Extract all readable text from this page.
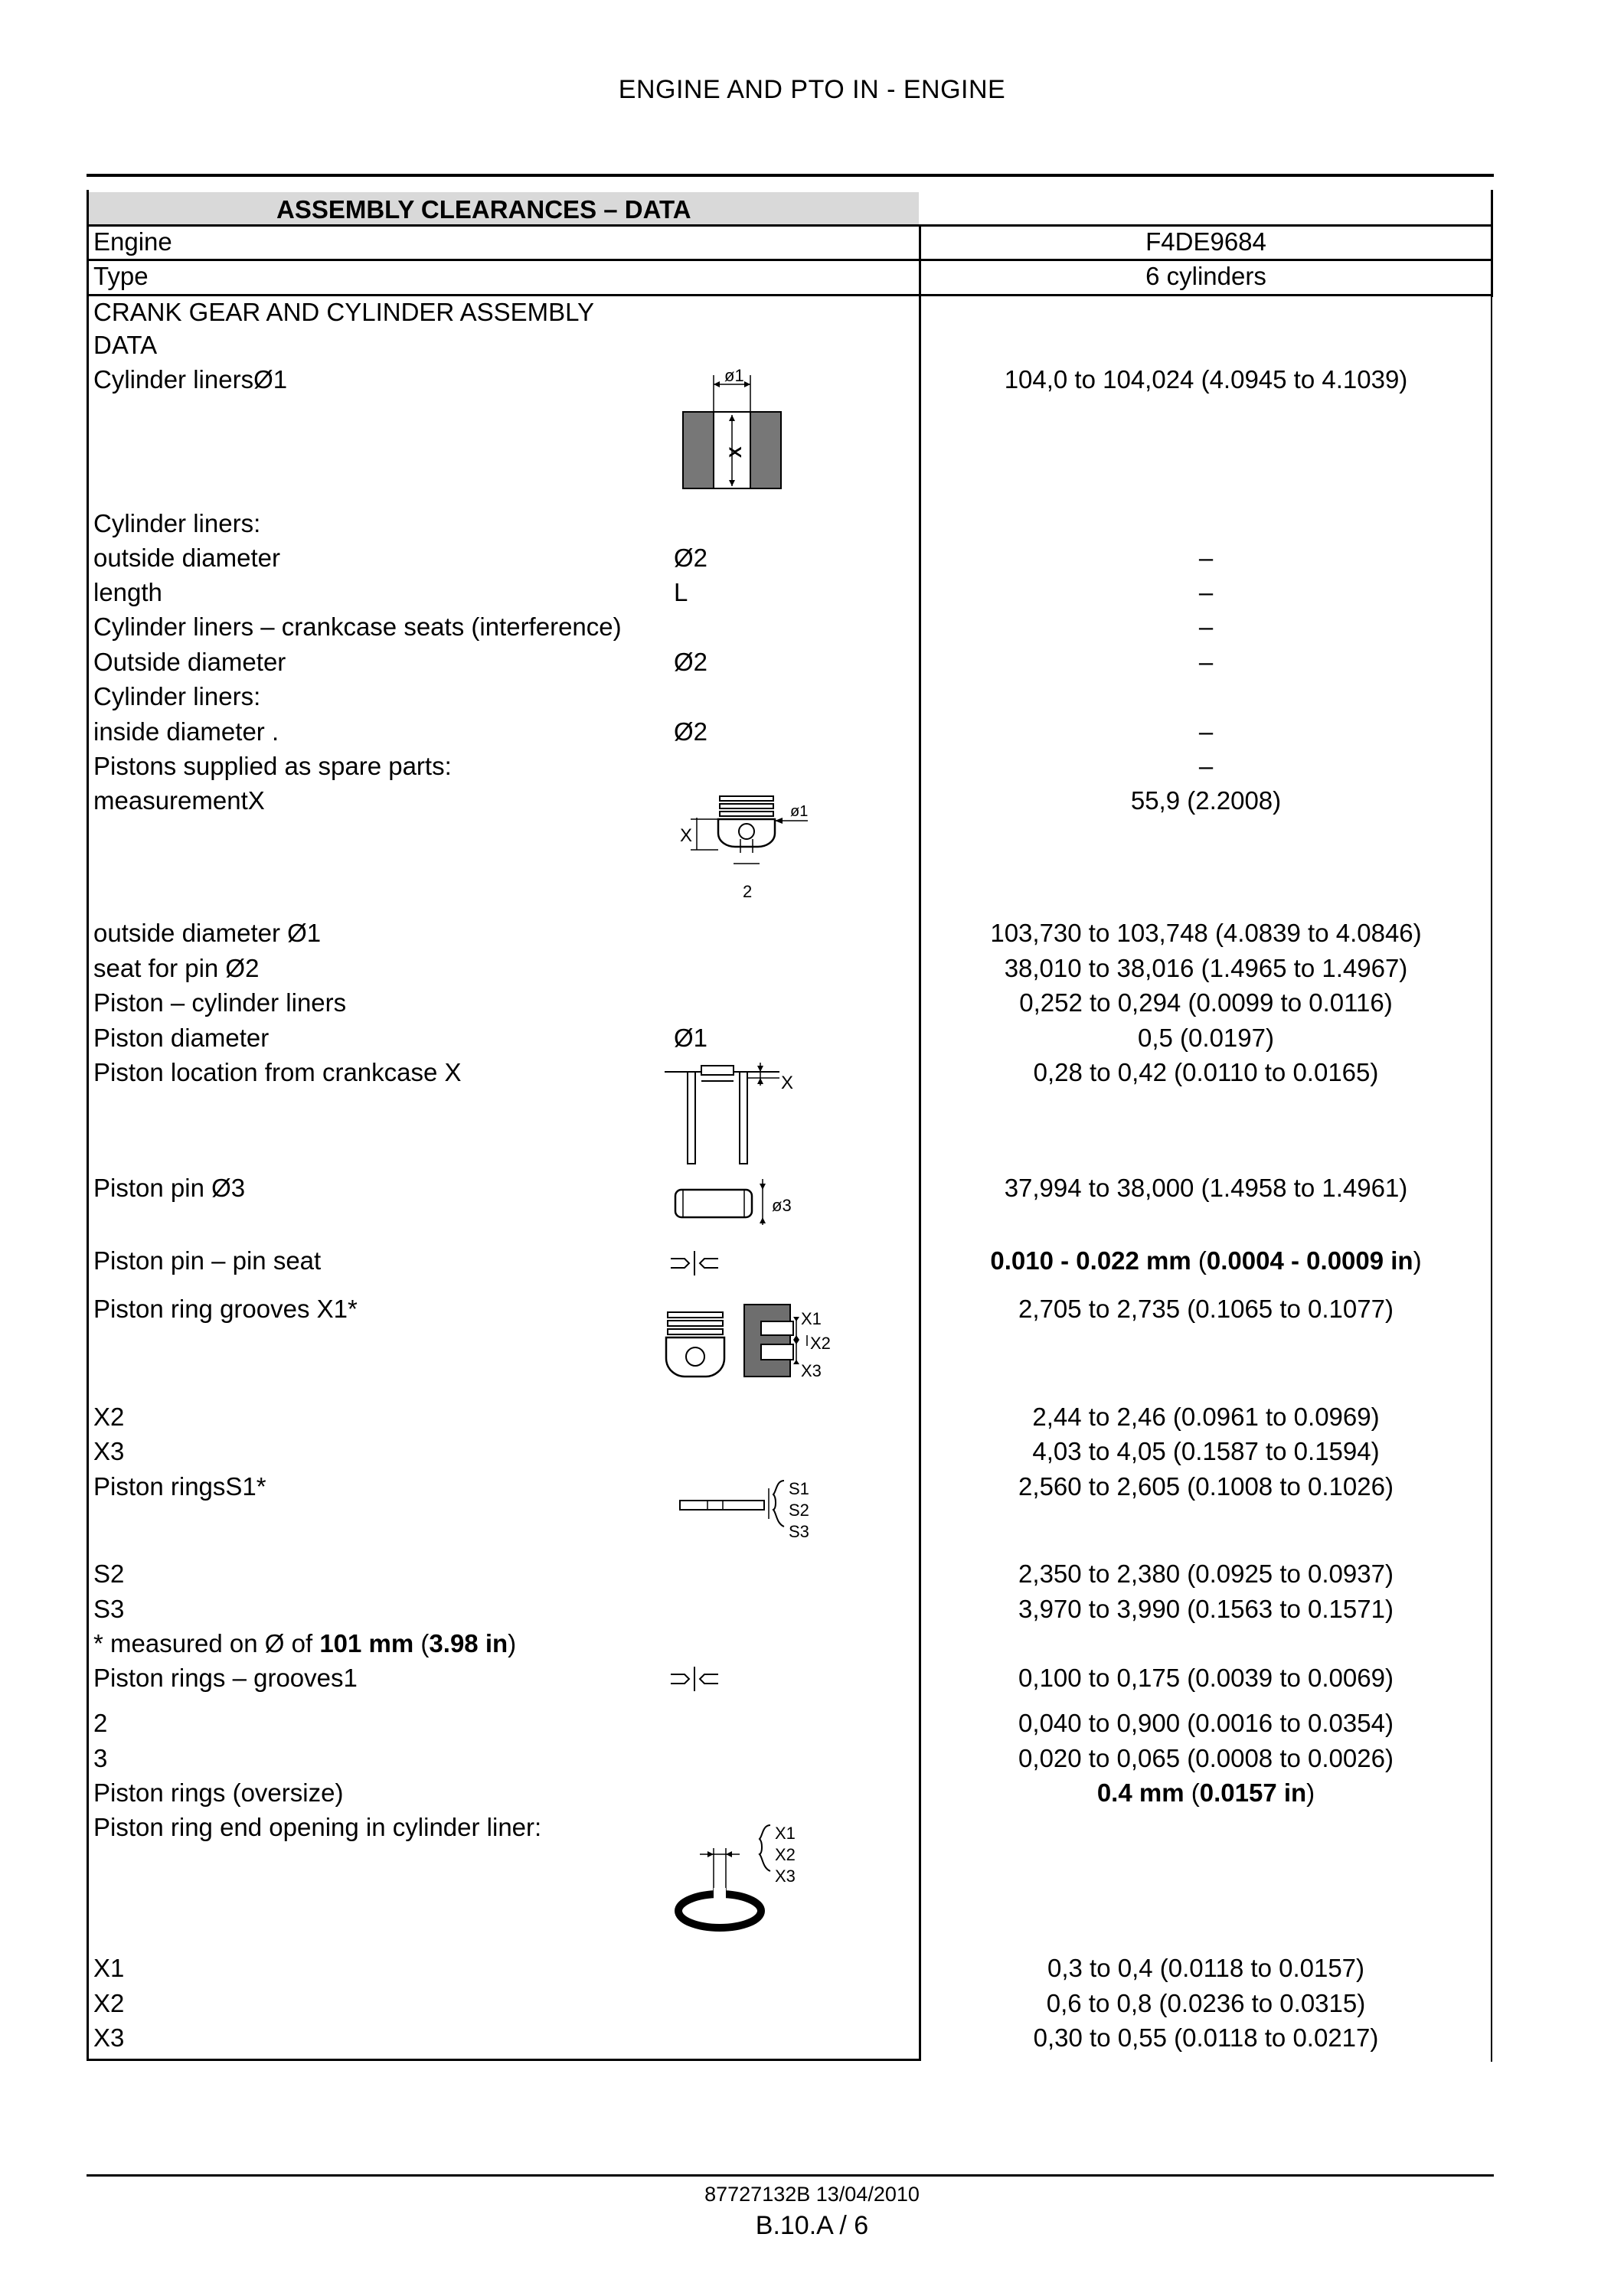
ENGINE AND PTO IN - ENGINE
ASSEMBLY CLEARANCES – DATA
Engine	F4DE9684
Type	6 cylinders
CRANK GEAR AND CYLINDER ASSEMBLY
DATA
Cylinder linersØ1	104,0 to 104,024 (4.0945 to 4.1039)
Cylinder liners:
outside diameter	Ø2	–
length	L	–
Cylinder liners – crankcase seats (interference)	–
Outside diameter	Ø2	–
Cylinder liners:
inside diameter .	Ø2	–
Pistons supplied as spare parts:	–
measurementX	55,9 (2.2008)
outside diameter Ø1	103,730 to 103,748 (4.0839 to 4.0846)
seat for pin Ø2	38,010 to 38,016 (1.4965 to 1.4967)
Piston – cylinder liners	0,252 to 0,294 (0.0099 to 0.0116)
Piston diameter	Ø1	0,5 (0.0197)
Piston location from crankcase X	0,28 to 0,42 (0.0110 to 0.0165)
Piston pin Ø3	37,994 to 38,000 (1.4958 to 1.4961)
Piston pin – pin seat	0.010 - 0.022 mm (0.0004 - 0.0009 in)
Piston ring grooves X1*	2,705 to 2,735 (0.1065 to 0.1077)
X2	2,44 to 2,46 (0.0961 to 0.0969)
X3	4,03 to 4,05 (0.1587 to 0.1594)
Piston ringsS1*	2,560 to 2,605 (0.1008 to 0.1026)
S2	2,350 to 2,380 (0.0925 to 0.0937)
S3	3,970 to 3,990 (0.1563 to 0.1571)
* measured on Ø of 101 mm (3.98 in)
Piston rings – grooves1	0,100 to 0,175 (0.0039 to 0.0069)
2	0,040 to 0,900 (0.0016 to 0.0354)
3	0,020 to 0,065 (0.0008 to 0.0026)
Piston rings (oversize)	0.4 mm (0.0157 in)
Piston ring end opening in cylinder liner:
X1	0,3 to 0,4 (0.0118 to 0.0157)
X2	0,6 to 0,8 (0.0236 to 0.0315)
X3	0,30 to 0,55 (0.0118 to 0.0217)
ø1
X
X
ø1
2
X
ø3
X1
X2
X3
S1
S2
S3
X1
X2
X3
87727132B 13/04/2010
B.10.A / 6
